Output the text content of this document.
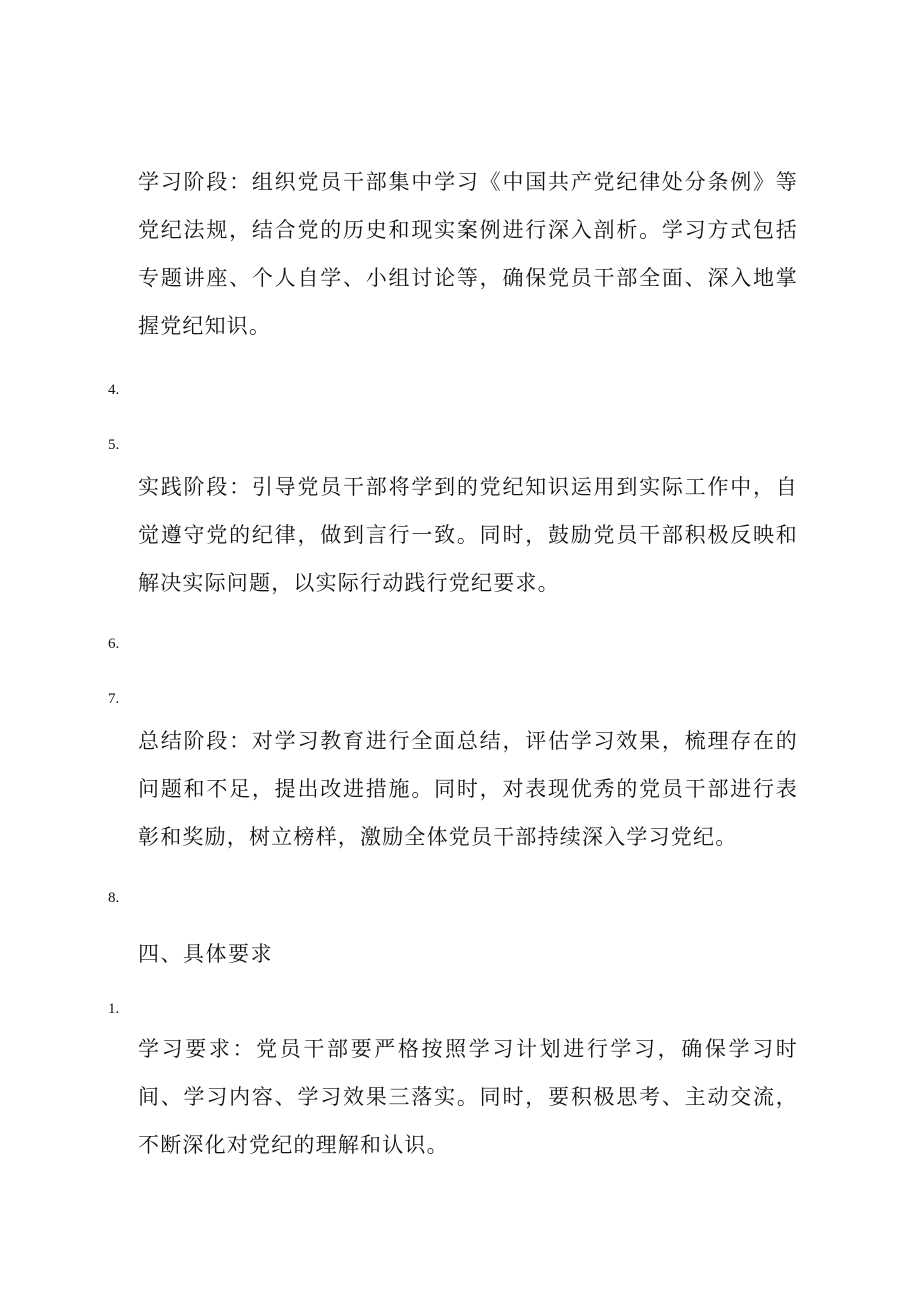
学习阶段：组织党员干部集中学习《中国共产党纪律处分条例》等党纪法规，结合党的历史和现实案例进行深入剖析。学习方式包括专题讲座、个人自学、小组讨论等，确保党员干部全面、深入地掌握党纪知识。

4.

5.

实践阶段：引导党员干部将学到的党纪知识运用到实际工作中，自觉遵守党的纪律，做到言行一致。同时，鼓励党员干部积极反映和解决实际问题，以实际行动践行党纪要求。

6.

7.

总结阶段：对学习教育进行全面总结，评估学习效果，梳理存在的问题和不足，提出改进措施。同时，对表现优秀的党员干部进行表彰和奖励，树立榜样，激励全体党员干部持续深入学习党纪。

8.

四、具体要求

1.

学习要求：党员干部要严格按照学习计划进行学习，确保学习时间、学习内容、学习效果三落实。同时，要积极思考、主动交流，不断深化对党纪的理解和认识。
